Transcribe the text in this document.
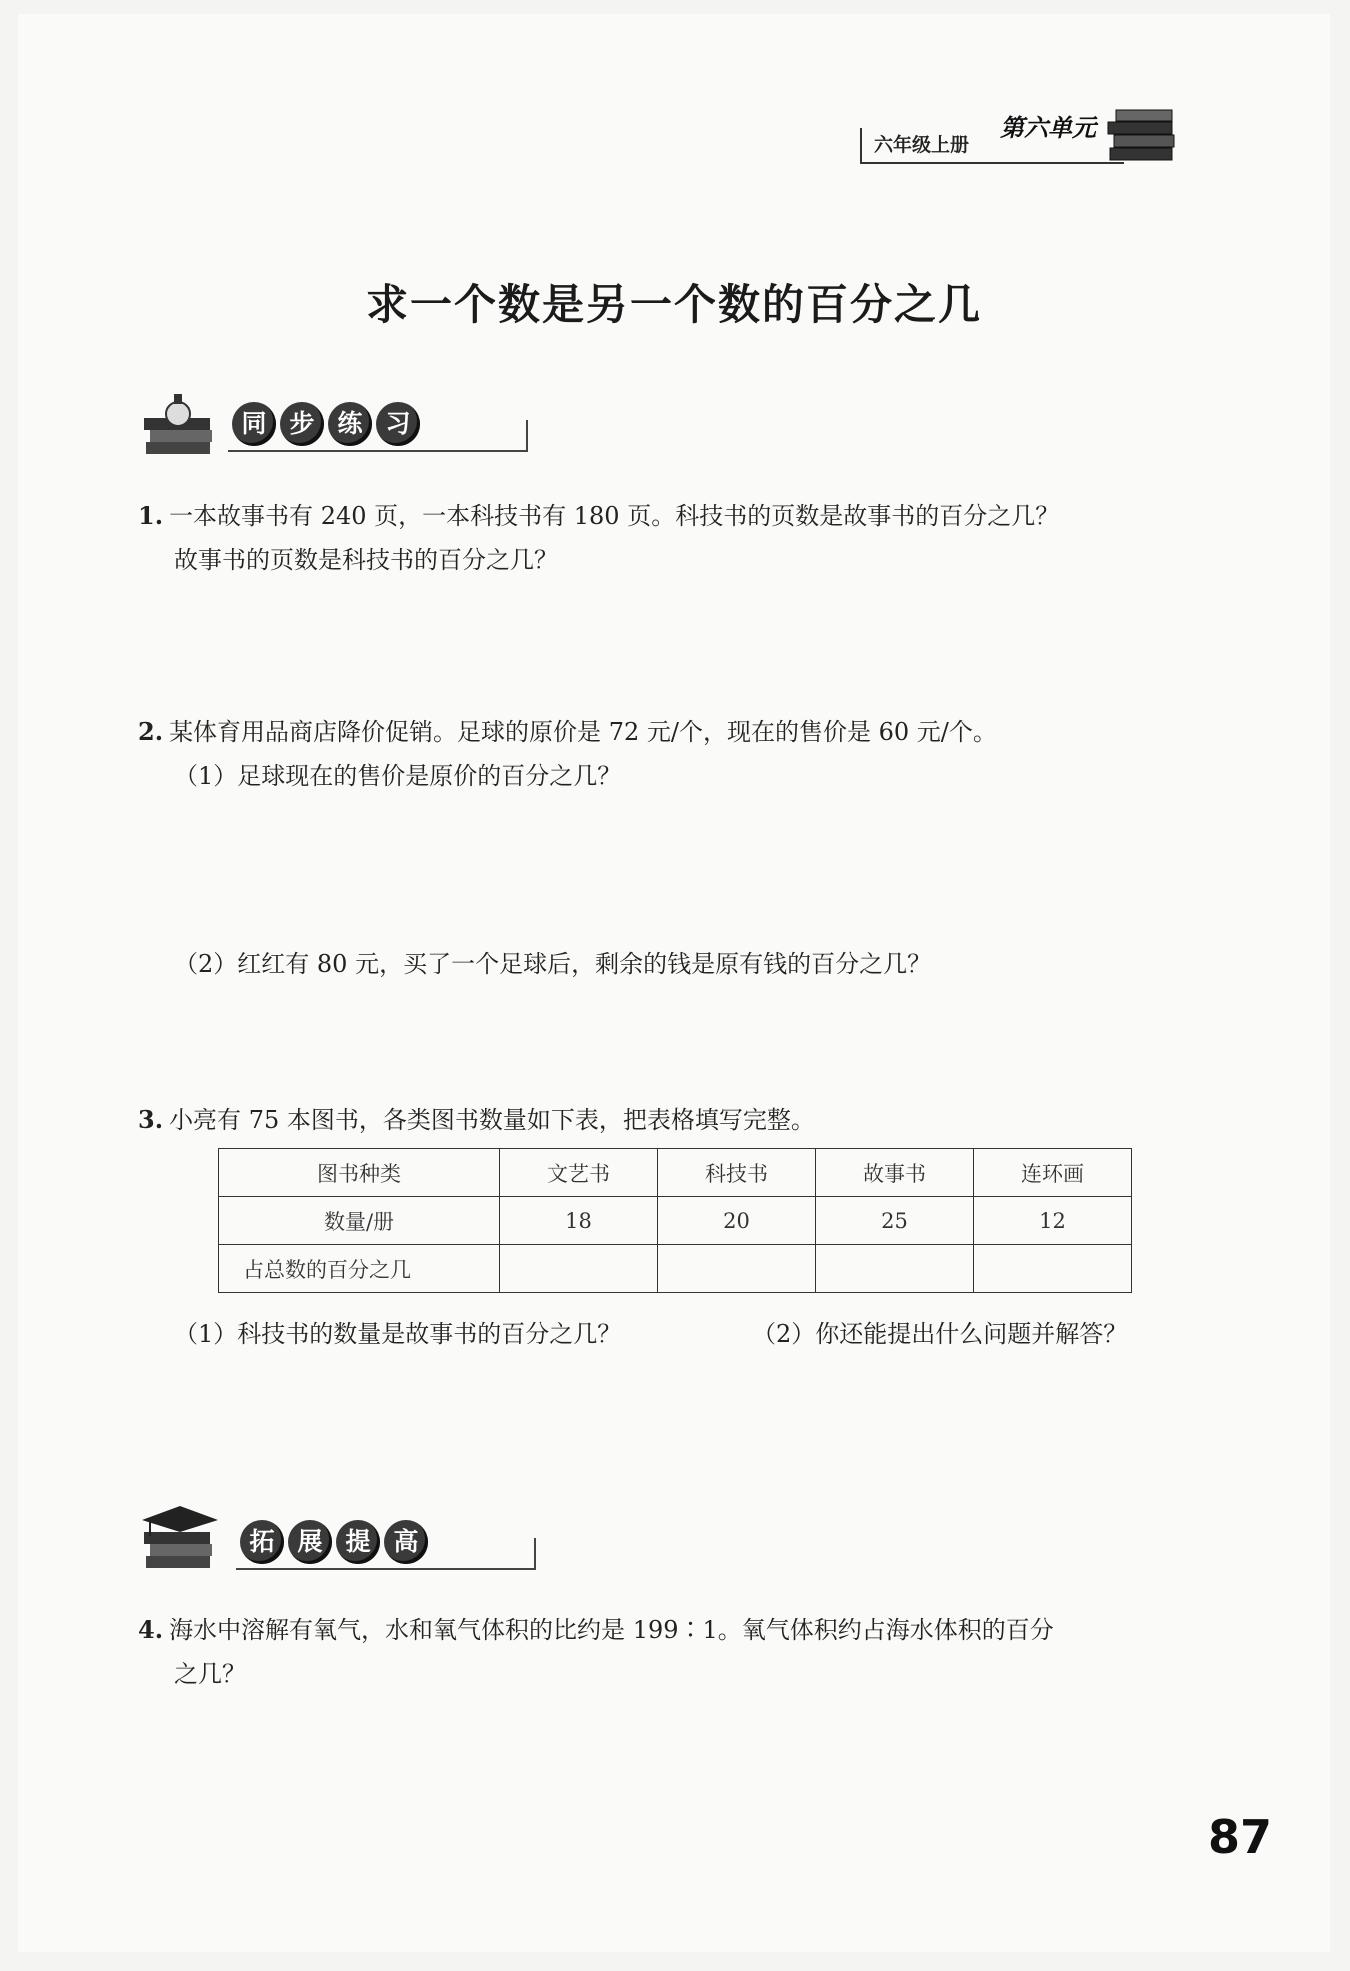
六年级上册
第六单元
求一个数是另一个数的百分之几
同 步 练 习
1. 一本故事书有 240 页，一本科技书有 180 页。科技书的页数是故事书的百分之几？
故事书的页数是科技书的百分之几？
2. 某体育用品商店降价促销。足球的原价是 72 元/个，现在的售价是 60 元/个。
（1）足球现在的售价是原价的百分之几？
（2）红红有 80 元，买了一个足球后，剩余的钱是原有钱的百分之几？
3. 小亮有 75 本图书，各类图书数量如下表，把表格填写完整。
图书种类	文艺书	科技书	故事书	连环画
数量/册	18	20	25	12
占总数的百分之几				
（1）科技书的数量是故事书的百分之几？	（2）你还能提出什么问题并解答？
拓 展 提 高
4. 海水中溶解有氧气，水和氧气体积的比约是 199∶1。氧气体积约占海水体积的百分
之几？
87
